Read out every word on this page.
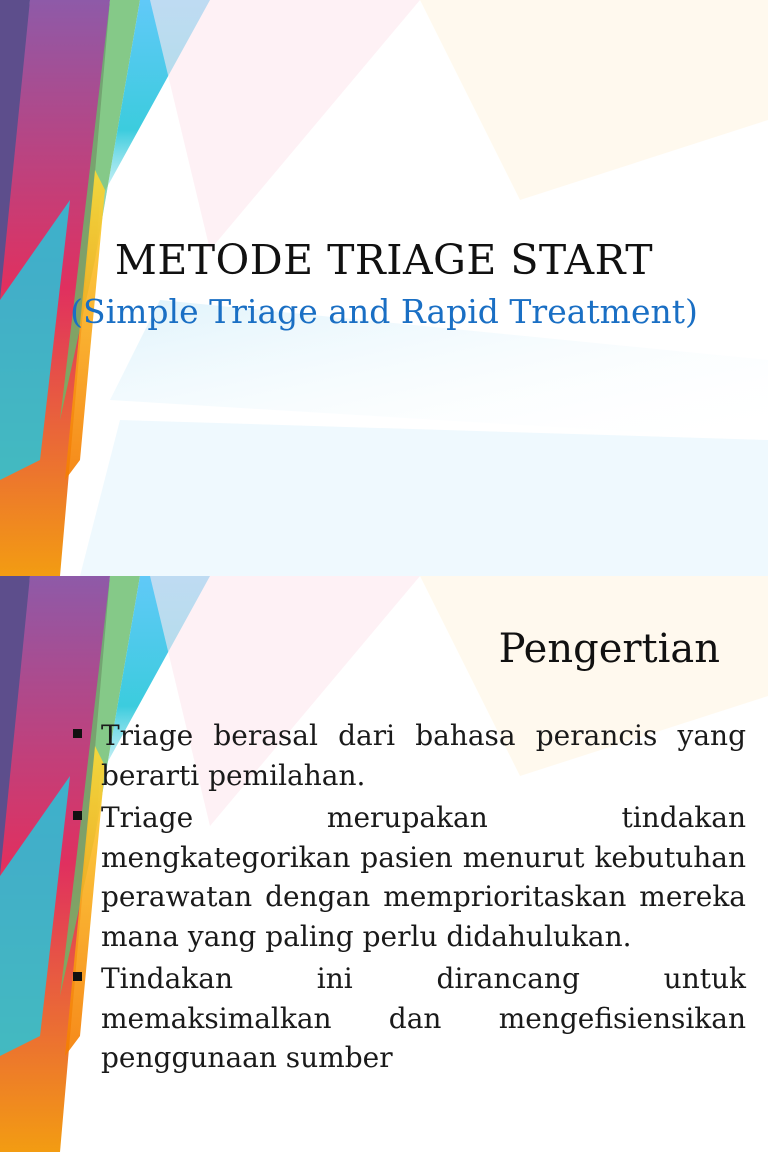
METODE TRIAGE START
(Simple Triage and Rapid Treatment)
Pengertian
Triage berasal dari bahasa perancis yang berarti pemilahan.
Triage merupakan tindakan mengkategorikan pasien menurut kebutuhan perawatan dengan memprioritaskan mereka mana yang paling perlu didahulukan.
Tindakan ini dirancang untuk memaksimalkan dan mengefisiensikan penggunaan sumber
